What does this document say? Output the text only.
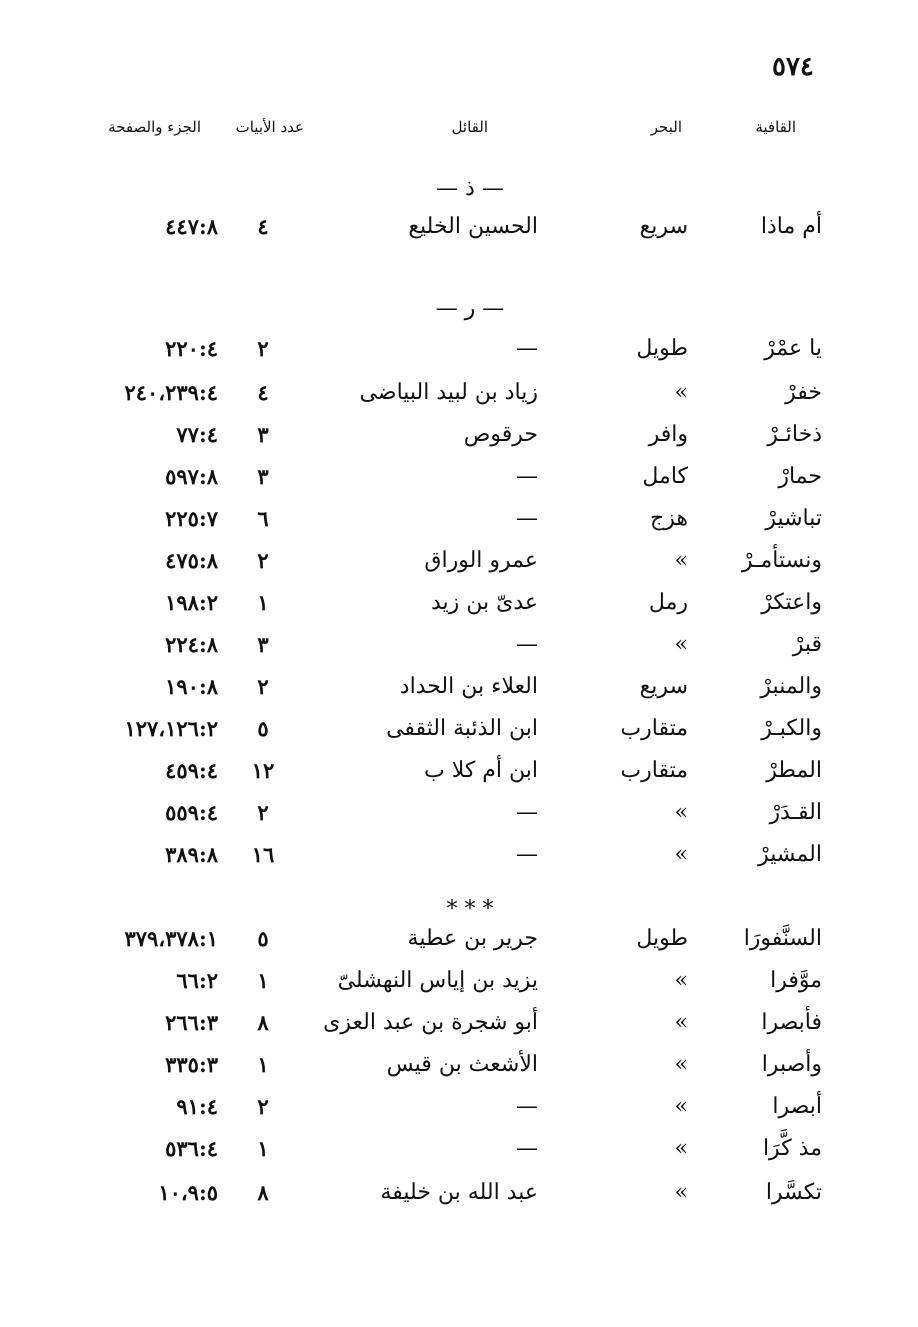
٥٧٤
القافية
البحر
القائل
عدد الأبيات
الجزء والصفحة
— ذ —
أم ماذا
سريع
الحسين الخليع
٤
٤٤٧:٨
— ر —
يا عمْرْ
طويل
—
٢
٢٢٠:٤
خفرْ
»
زياد بن لبيد البياضى
٤
٢٤٠،٢٣٩:٤
ذخائـرْ
وافر
حرقوص
٣
٧٧:٤
حمارْ
كامل
—
٣
٥٩٧:٨
تباشيرْ
هزج
—
٦
٢٢٥:٧
ونستأمـرْ
»
عمرو الوراق
٢
٤٧٥:٨
واعتكرْ
رمل
عدىّ بن زيد
١
١٩٨:٢
قبرْ
»
—
٣
٢٢٤:٨
والمنبرْ
سريع
العلاء بن الحداد
٢
١٩٠:٨
والكبـرْ
متقارب
ابن الذئبة الثقفى
٥
١٢٧،١٢٦:٢
المطرْ
متقارب
ابن أم كلا ب
١٢
٤٥٩:٤
القـدَرْ
»
—
٢
٥٥٩:٤
المشيرْ
»
—
١٦
٣٨٩:٨
* * *
السنَّفورَا
طويل
جرير بن عطية
٥
٣٧٩،٣٧٨:١
موَّفرا
»
يزيد بن إياس النهشلىّ
١
٦٦:٢
فأبصرا
»
أبو شجرة بن عبد العزى
٨
٢٦٦:٣
وأصبرا
»
الأشعث بن قيس
١
٣٣٥:٣
أبصرا
»
—
٢
٩١:٤
مذ كَّرَا
»
—
١
٥٣٦:٤
تكسَّرا
»
عبد الله بن خليفة
٨
١٠،٩:٥
